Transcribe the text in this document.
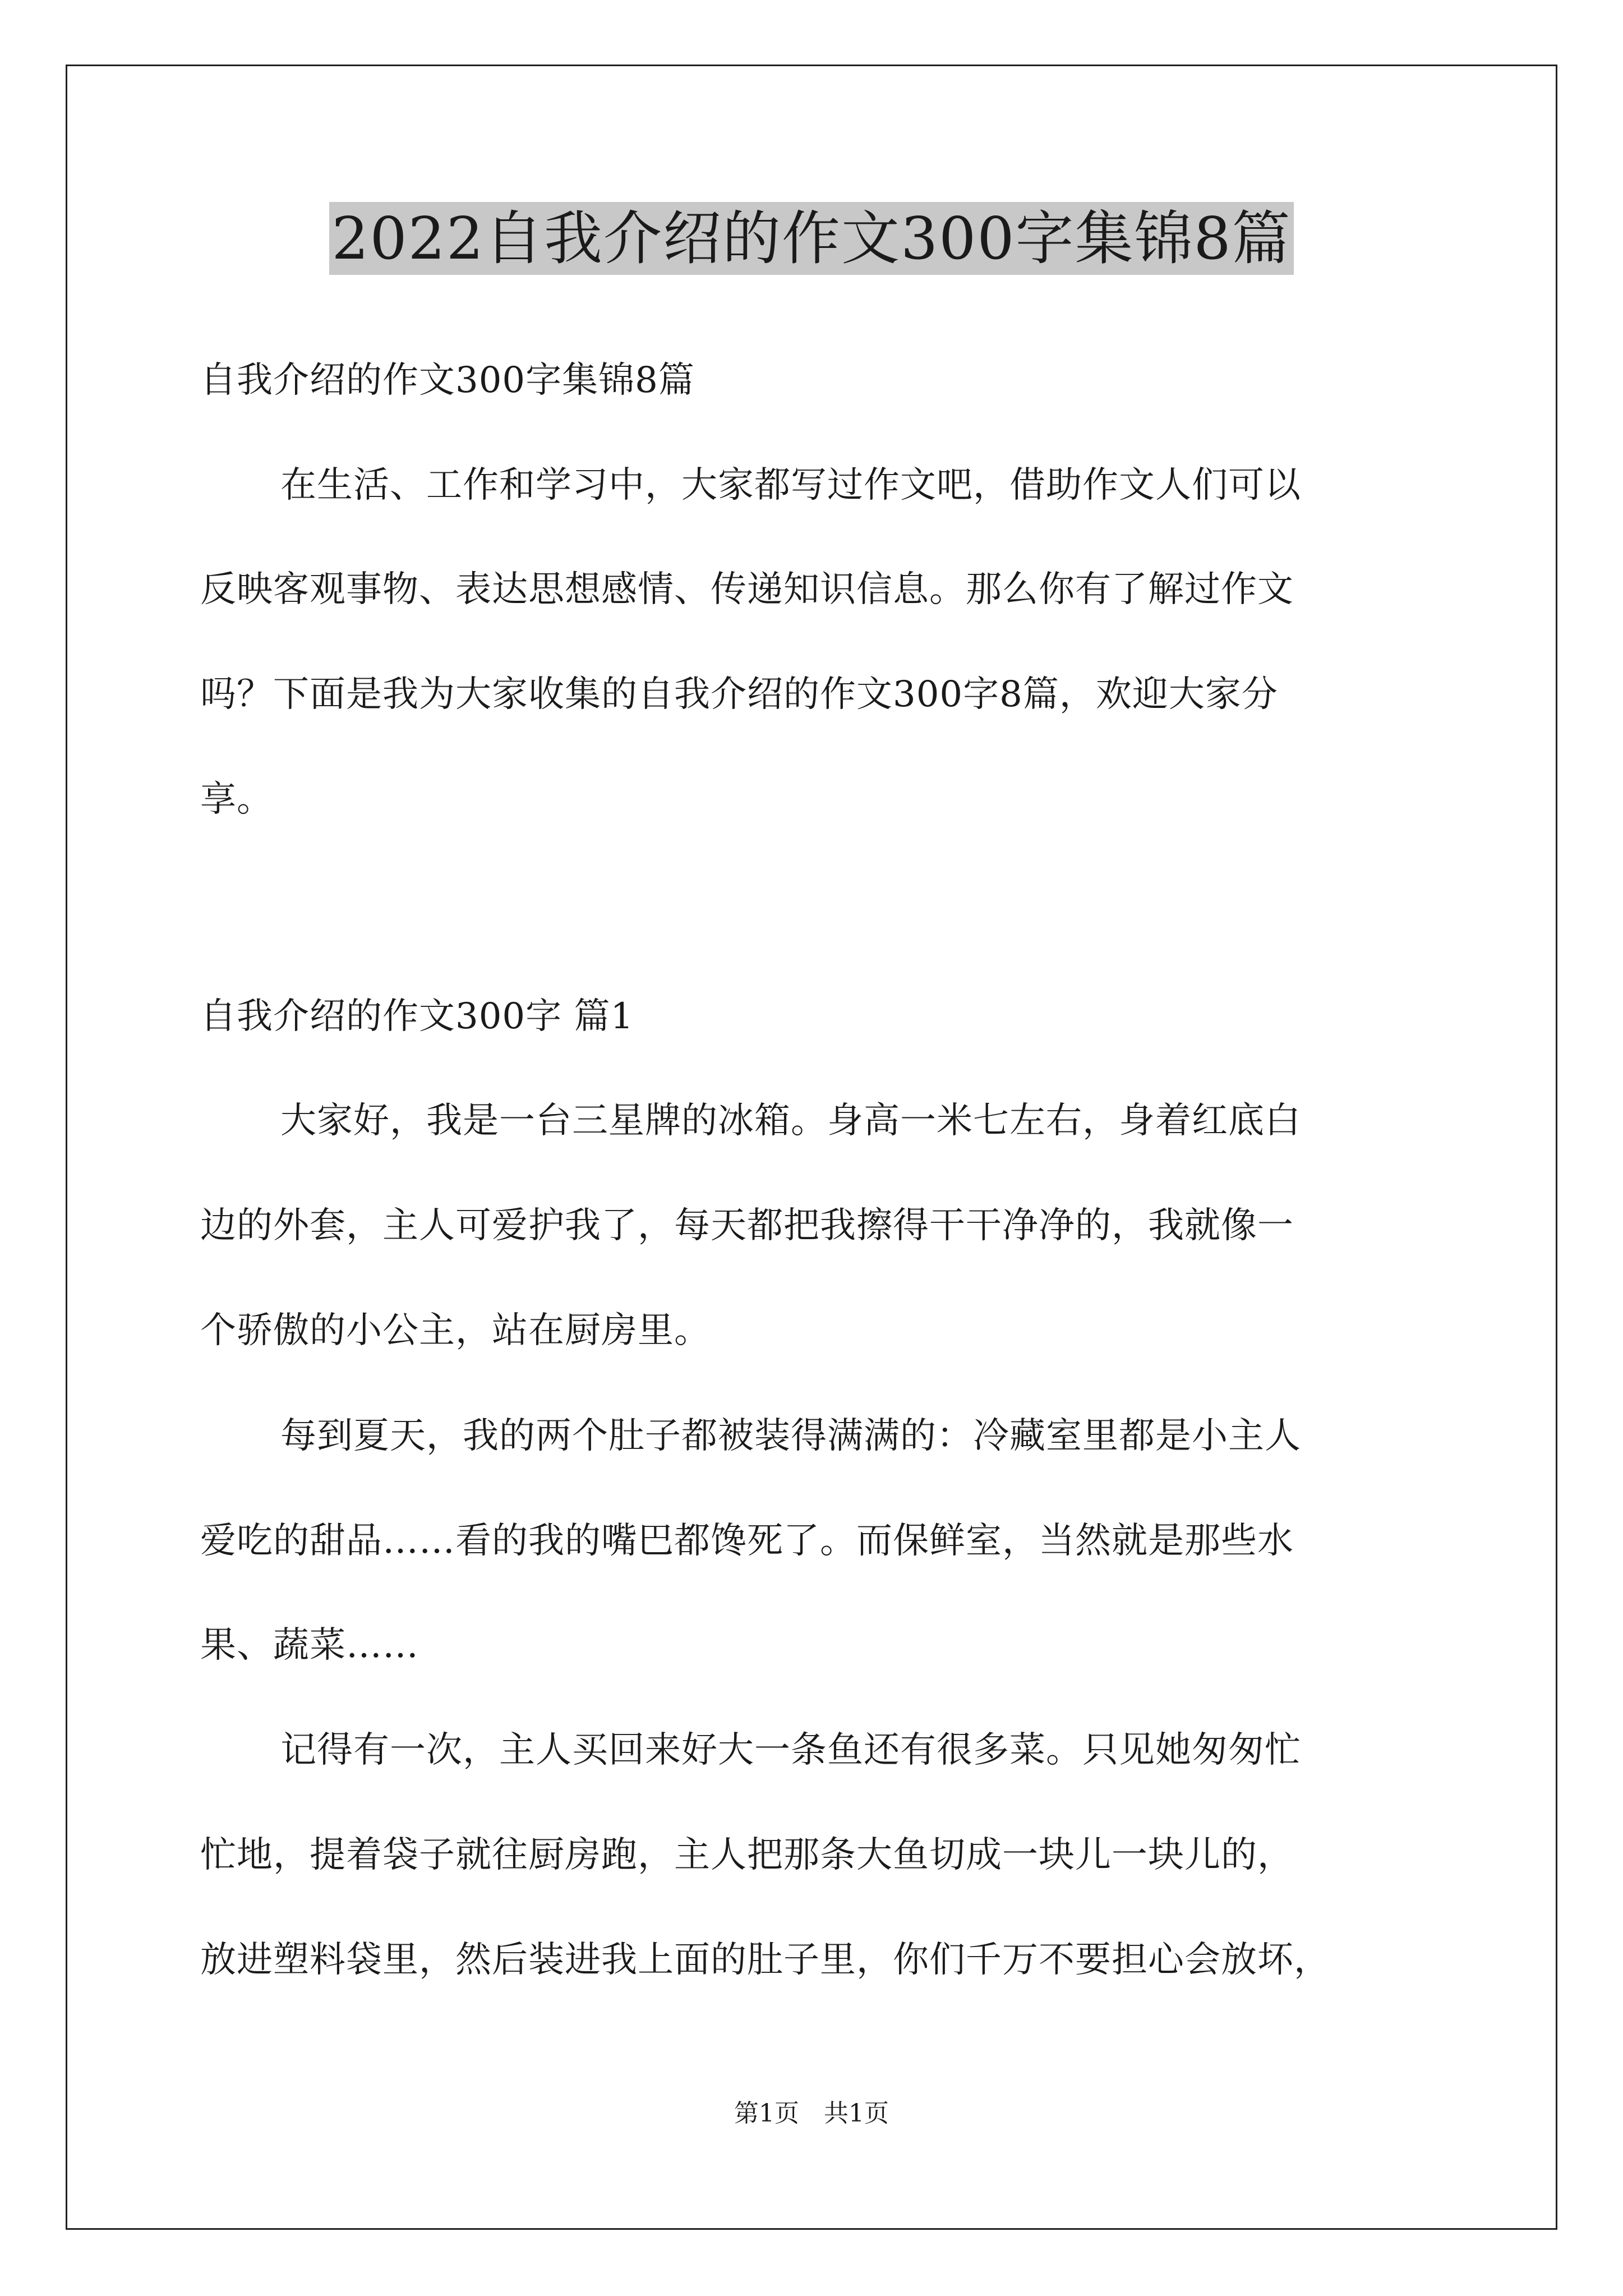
2022自我介绍的作文300字集锦8篇
自我介绍的作文300字集锦8篇
在生活、工作和学习中，大家都写过作文吧，借助作文人们可以
反映客观事物、表达思想感情、传递知识信息。那么你有了解过作文
吗？下面是我为大家收集的自我介绍的作文300字8篇，欢迎大家分
享。
自我介绍的作文300字 篇1
大家好，我是一台三星牌的冰箱。身高一米七左右，身着红底白
边的外套，主人可爱护我了，每天都把我擦得干干净净的，我就像一
个骄傲的小公主，站在厨房里。
每到夏天，我的两个肚子都被装得满满的：冷藏室里都是小主人
爱吃的甜品……看的我的嘴巴都馋死了。而保鲜室，当然就是那些水
果、蔬菜……
记得有一次，主人买回来好大一条鱼还有很多菜。只见她匆匆忙
忙地，提着袋子就往厨房跑，主人把那条大鱼切成一块儿一块儿的，
放进塑料袋里，然后装进我上面的肚子里，你们千万不要担心会放坏，
第1页 共1页
